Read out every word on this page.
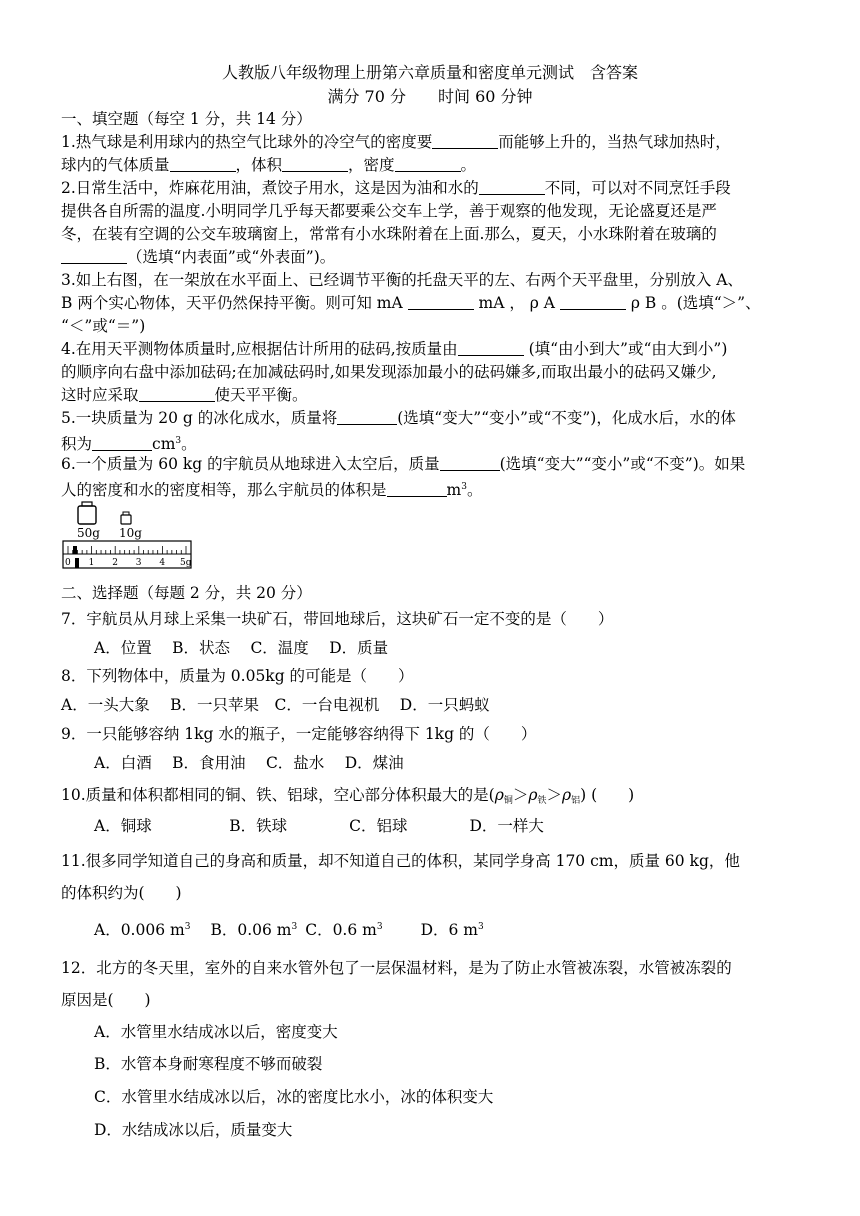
人教版八年级物理上册第六章质量和密度单元测试　含答案
满分 70 分　　时间 60 分钟
一、填空题（每空 1 分，共 14 分）
1.热气球是利用球内的热空气比球外的冷空气的密度要	而能够上升的，当热气球加热时，
球内的气体质量	，体积	，密度	。
2.日常生活中，炸麻花用油，煮饺子用水，这是因为油和水的	不同，可以对不同烹饪手段
提供各自所需的温度.小明同学几乎每天都要乘公交车上学，善于观察的他发现，无论盛夏还是严
冬，在装有空调的公交车玻璃窗上，常常有小水珠附着在上面.那么，夏天，小水珠附着在玻璃的
（选填“内表面”或“外表面”)。
3.如上右图，在一架放在水平面上、已经调节平衡的托盘天平的左、右两个天平盘里，分别放入 A、
B 两个实心物体，天平仍然保持平衡。则可知 mA	mA ， ρ A	ρ B 。(选填“＞”、
“＜”或“＝”)
4.在用天平测物体质量时,应根据估计所用的砝码,按质量由	(填“由小到大”或“由大到小”)
的顺序向右盘中添加砝码;在加减砝码时,如果发现添加最小的砝码嫌多,而取出最小的砝码又嫌少,
这时应采取	使天平平衡。
5.一块质量为 20 g 的冰化成水，质量将	(选填“变大”“变小”或“不变”)，化成水后，水的体
积为	$cm^3$。
6.一个质量为 60 kg 的宇航员从地球进入太空后，质量	(选填“变大”“变小”或“不变”)。如果
人的密度和水的密度相等，那么宇航员的体积是	$m^3$。
50g 10g
0 1 2 3 4 5g
二、选择题（每题 2 分，共 20 分）
7．宇航员从月球上采集一块矿石，带回地球后，这块矿石一定不变的是（　　）
A．位置　 B．状态　 C．温度　 D．质量
8．下列物体中，质量为 0.05kg 的可能是（　　）
A．一头大象　 B．一只苹果　C．一台电视机　 D．一只蚂蚁
9．一只能够容纳 1kg 水的瓶子，一定能够容纳得下 1kg 的（　　）
A．白酒　 B．食用油　 C．盐水　 D．煤油
10.质量和体积都相同的铜、铁、铝球，空心部分体积最大的是$(\rho_铜>\rho_铁>\rho_铝)$ (　　)
A．铜球　　　　　B．铁球　　　　C．铝球　　　　D．一样大
11.很多同学知道自己的身高和质量，却不知道自己的体积，某同学身高 170 cm，质量 60 kg，他
的体积约为(　　)
A．0.006 $m^3$ B．0.06 $m^3$ C．0.6 $m^3$ D．6 $m^3$
12．北方的冬天里，室外的自来水管外包了一层保温材料，是为了防止水管被冻裂，水管被冻裂的
原因是(　　)
A．水管里水结成冰以后，密度变大
B．水管本身耐寒程度不够而破裂
C．水管里水结成冰以后，冰的密度比水小，冰的体积变大
D．水结成冰以后，质量变大
